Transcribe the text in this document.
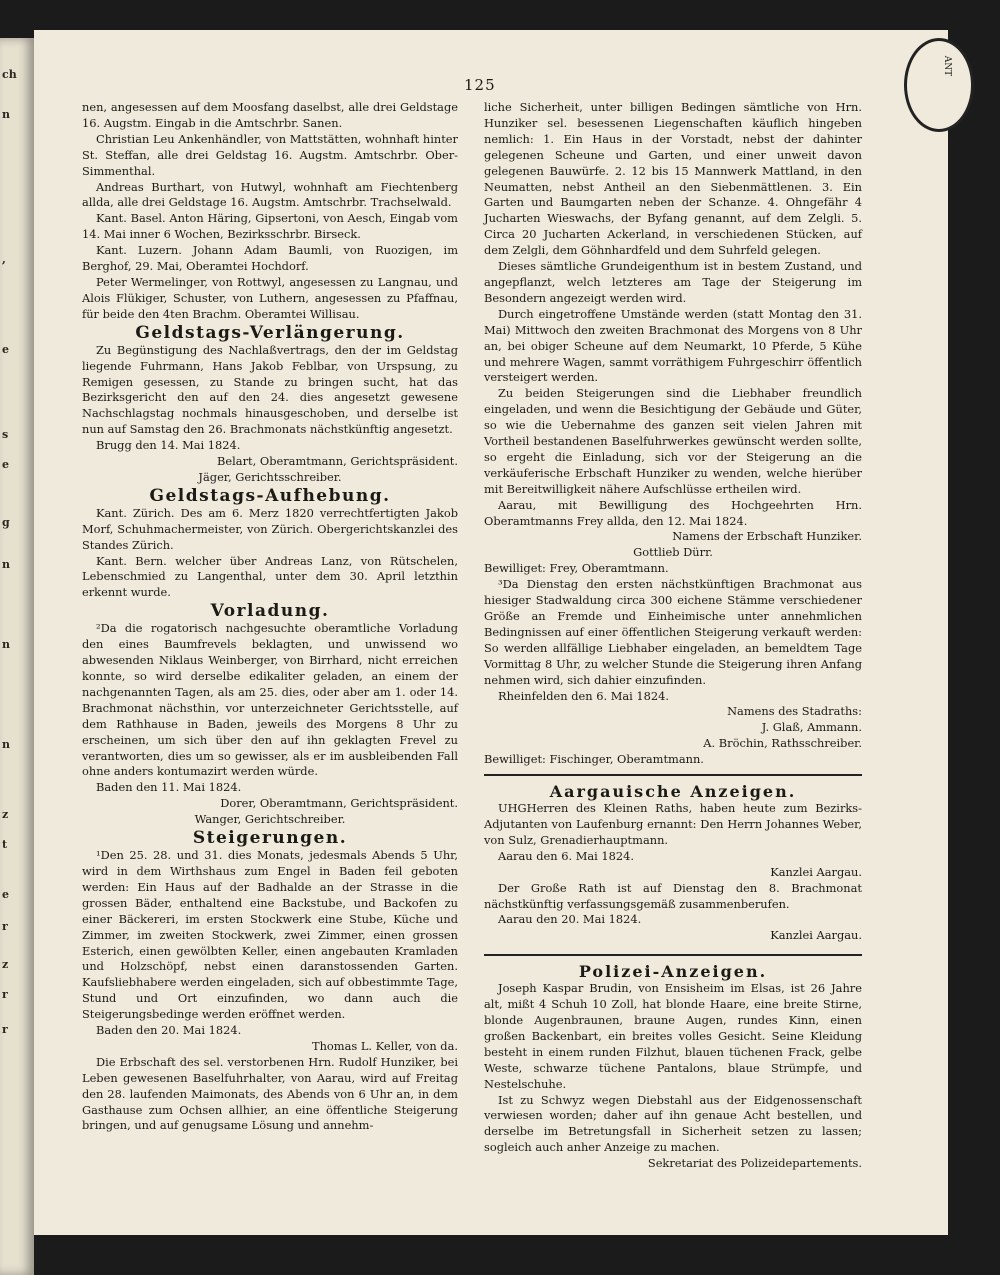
ch
n
,
e
s
e
g
n
n
n
z
t
e
r
z
r
r
125

nen, angesessen auf dem Moosfang daselbst, alle drei Geldstage 16. Augstm. Eingab in die Amtschrbr. Sanen.

Christian Leu Ankenhändler, von Mattstätten, wohnhaft hinter St. Steffan, alle drei Geldstag 16. Augstm. Amtschrbr. Ober-Simmenthal.

Andreas Burthart, von Hutwyl, wohnhaft am Fiechtenberg allda, alle drei Geldstage 16. Augstm. Amtschrbr. Trachselwald.

Kant. Basel. Anton Häring, Gipsertoni, von Aesch, Eingab vom 14. Mai inner 6 Wochen, Bezirksschrbr. Birseck.

Kant. Luzern. Johann Adam Baumli, von Ruozigen, im Berghof, 29. Mai, Oberamtei Hochdorf.

Peter Wermelinger, von Rottwyl, angesessen zu Langnau, und Alois Flükiger, Schuster, von Luthern, angesessen zu Pfaffnau, für beide den 4ten Brachm. Oberamtei Willisau.

Geldstags-Verlängerung.

Zu Begünstigung des Nachlaßvertrags, den der im Geldstag liegende Fuhrmann, Hans Jakob Feblbar, von Urspsung, zu Remigen gesessen, zu Stande zu bringen sucht, hat das Bezirksgericht den auf den 24. dies angesetzt gewesene Nachschlagstag nochmals hinausgeschoben, und derselbe ist nun auf Samstag den 26. Brachmonats nächstkünftig angesetzt.

Brugg den 14. Mai 1824.

Belart, Oberamtmann, Gerichtspräsident.

Jäger, Gerichtsschreiber.

Geldstags-Aufhebung.

Kant. Zürich. Des am 6. Merz 1820 verrechtfertigten Jakob Morf, Schuhmachermeister, von Zürich. Obergerichtskanzlei des Standes Zürich.

Kant. Bern. welcher über Andreas Lanz, von Rütschelen, Lebenschmied zu Langenthal, unter dem 30. April letzthin erkennt wurde.

Vorladung.

²Da die rogatorisch nachgesuchte oberamtliche Vorladung den eines Baumfrevels beklagten, und unwissend wo abwesenden Niklaus Weinberger, von Birrhard, nicht erreichen konnte, so wird derselbe edikaliter geladen, an einem der nachgenannten Tagen, als am 25. dies, oder aber am 1. oder 14. Brachmonat nächsthin, vor unterzeichneter Gerichtsstelle, auf dem Rathhause in Baden, jeweils des Morgens 8 Uhr zu erscheinen, um sich über den auf ihn geklagten Frevel zu verantworten, dies um so gewisser, als er im ausbleibenden Fall ohne anders kontumazirt werden würde.

Baden den 11. Mai 1824.

Dorer, Oberamtmann, Gerichtspräsident.

Wanger, Gerichtschreiber.

Steigerungen.

¹Den 25. 28. und 31. dies Monats, jedesmals Abends 5 Uhr, wird in dem Wirthshaus zum Engel in Baden feil geboten werden: Ein Haus auf der Badhalde an der Strasse in die grossen Bäder, enthaltend eine Backstube, und Backofen zu einer Bäckereri, im ersten Stockwerk eine Stube, Küche und Zimmer, im zweiten Stockwerk, zwei Zimmer, einen grossen Esterich, einen gewölbten Keller, einen angebauten Kramladen und Holzschöpf, nebst einen daranstossenden Garten. Kaufsliebhabere werden eingeladen, sich auf obbestimmte Tage, Stund und Ort einzufinden, wo dann auch die Steigerungsbedinge werden eröffnet werden.

Baden den 20. Mai 1824.

Thomas L. Keller, von da.

Die Erbschaft des sel. verstorbenen Hrn. Rudolf Hunziker, bei Leben gewesenen Baselfuhrhalter, von Aarau, wird auf Freitag den 28. laufenden Maimonats, des Abends von 6 Uhr an, in dem Gasthause zum Ochsen allhier, an eine öffentliche Steigerung bringen, und auf genugsame Lösung und annehm-

liche Sicherheit, unter billigen Bedingen sämtliche von Hrn. Hunziker sel. besessenen Liegenschaften käuflich hingeben nemlich: 1. Ein Haus in der Vorstadt, nebst der dahinter gelegenen Scheune und Garten, und einer unweit davon gelegenen Bauwürfe. 2. 12 bis 15 Mannwerk Mattland, in den Neumatten, nebst Antheil an den Siebenmättlenen. 3. Ein Garten und Baumgarten neben der Schanze. 4. Ohngefähr 4 Jucharten Wieswachs, der Byfang genannt, auf dem Zelgli. 5. Circa 20 Jucharten Ackerland, in verschiedenen Stücken, auf dem Zelgli, dem Göhnhardfeld und dem Suhrfeld gelegen.

Dieses sämtliche Grundeigenthum ist in bestem Zustand, und angepflanzt, welch letzteres am Tage der Steigerung im Besondern angezeigt werden wird.

Durch eingetroffene Umstände werden (statt Montag den 31. Mai) Mittwoch den zweiten Brachmonat des Morgens von 8 Uhr an, bei obiger Scheune auf dem Neumarkt, 10 Pferde, 5 Kühe und mehrere Wagen, sammt vorräthigem Fuhrgeschirr öffentlich versteigert werden.

Zu beiden Steigerungen sind die Liebhaber freundlich eingeladen, und wenn die Besichtigung der Gebäude und Güter, so wie die Uebernahme des ganzen seit vielen Jahren mit Vortheil bestandenen Baselfuhrwerkes gewünscht werden sollte, so ergeht die Einladung, sich vor der Steigerung an die verkäuferische Erbschaft Hunziker zu wenden, welche hierüber mit Bereitwilligkeit nähere Aufschlüsse ertheilen wird.

Aarau, mit Bewilligung des Hochgeehrten Hrn. Oberamtmanns Frey allda, den 12. Mai 1824.

Namens der Erbschaft Hunziker.

Gottlieb Dürr.

Bewilliget: Frey, Oberamtmann.

³Da Dienstag den ersten nächstkünftigen Brachmonat aus hiesiger Stadwaldung circa 300 eichene Stämme verschiedener Größe an Fremde und Einheimische unter annehmlichen Bedingnissen auf einer öffentlichen Steigerung verkauft werden: So werden allfällige Liebhaber eingeladen, an bemeldtem Tage Vormittag 8 Uhr, zu welcher Stunde die Steigerung ihren Anfang nehmen wird, sich dahier einzufinden.

Rheinfelden den 6. Mai 1824.

Namens des Stadraths:

J. Glaß, Ammann.

A. Bröchin, Rathsschreiber.

Bewilliget: Fischinger, Oberamtmann.

Aargauische Anzeigen.

UHGHerren des Kleinen Raths, haben heute zum Bezirks-Adjutanten von Laufenburg ernannt: Den Herrn Johannes Weber, von Sulz, Grenadierhauptmann.

Aarau den 6. Mai 1824.

Kanzlei Aargau.

Der Große Rath ist auf Dienstag den 8. Brachmonat nächstkünftig verfassungsgemäß zusammenberufen.

Aarau den 20. Mai 1824.

Kanzlei Aargau.

Polizei-Anzeigen.

Joseph Kaspar Brudin, von Ensisheim im Elsas, ist 26 Jahre alt, mißt 4 Schuh 10 Zoll, hat blonde Haare, eine breite Stirne, blonde Augenbraunen, braune Augen, rundes Kinn, einen großen Backenbart, ein breites volles Gesicht. Seine Kleidung besteht in einem runden Filzhut, blauen tüchenen Frack, gelbe Weste, schwarze tüchene Pantalons, blaue Strümpfe, und Nestelschuhe.

Ist zu Schwyz wegen Diebstahl aus der Eidgenossenschaft verwiesen worden; daher auf ihn genaue Acht bestellen, und derselbe im Betretungsfall in Sicherheit setzen zu lassen; sogleich auch anher Anzeige zu machen.

Sekretariat des Polizeidepartements.

ANT
